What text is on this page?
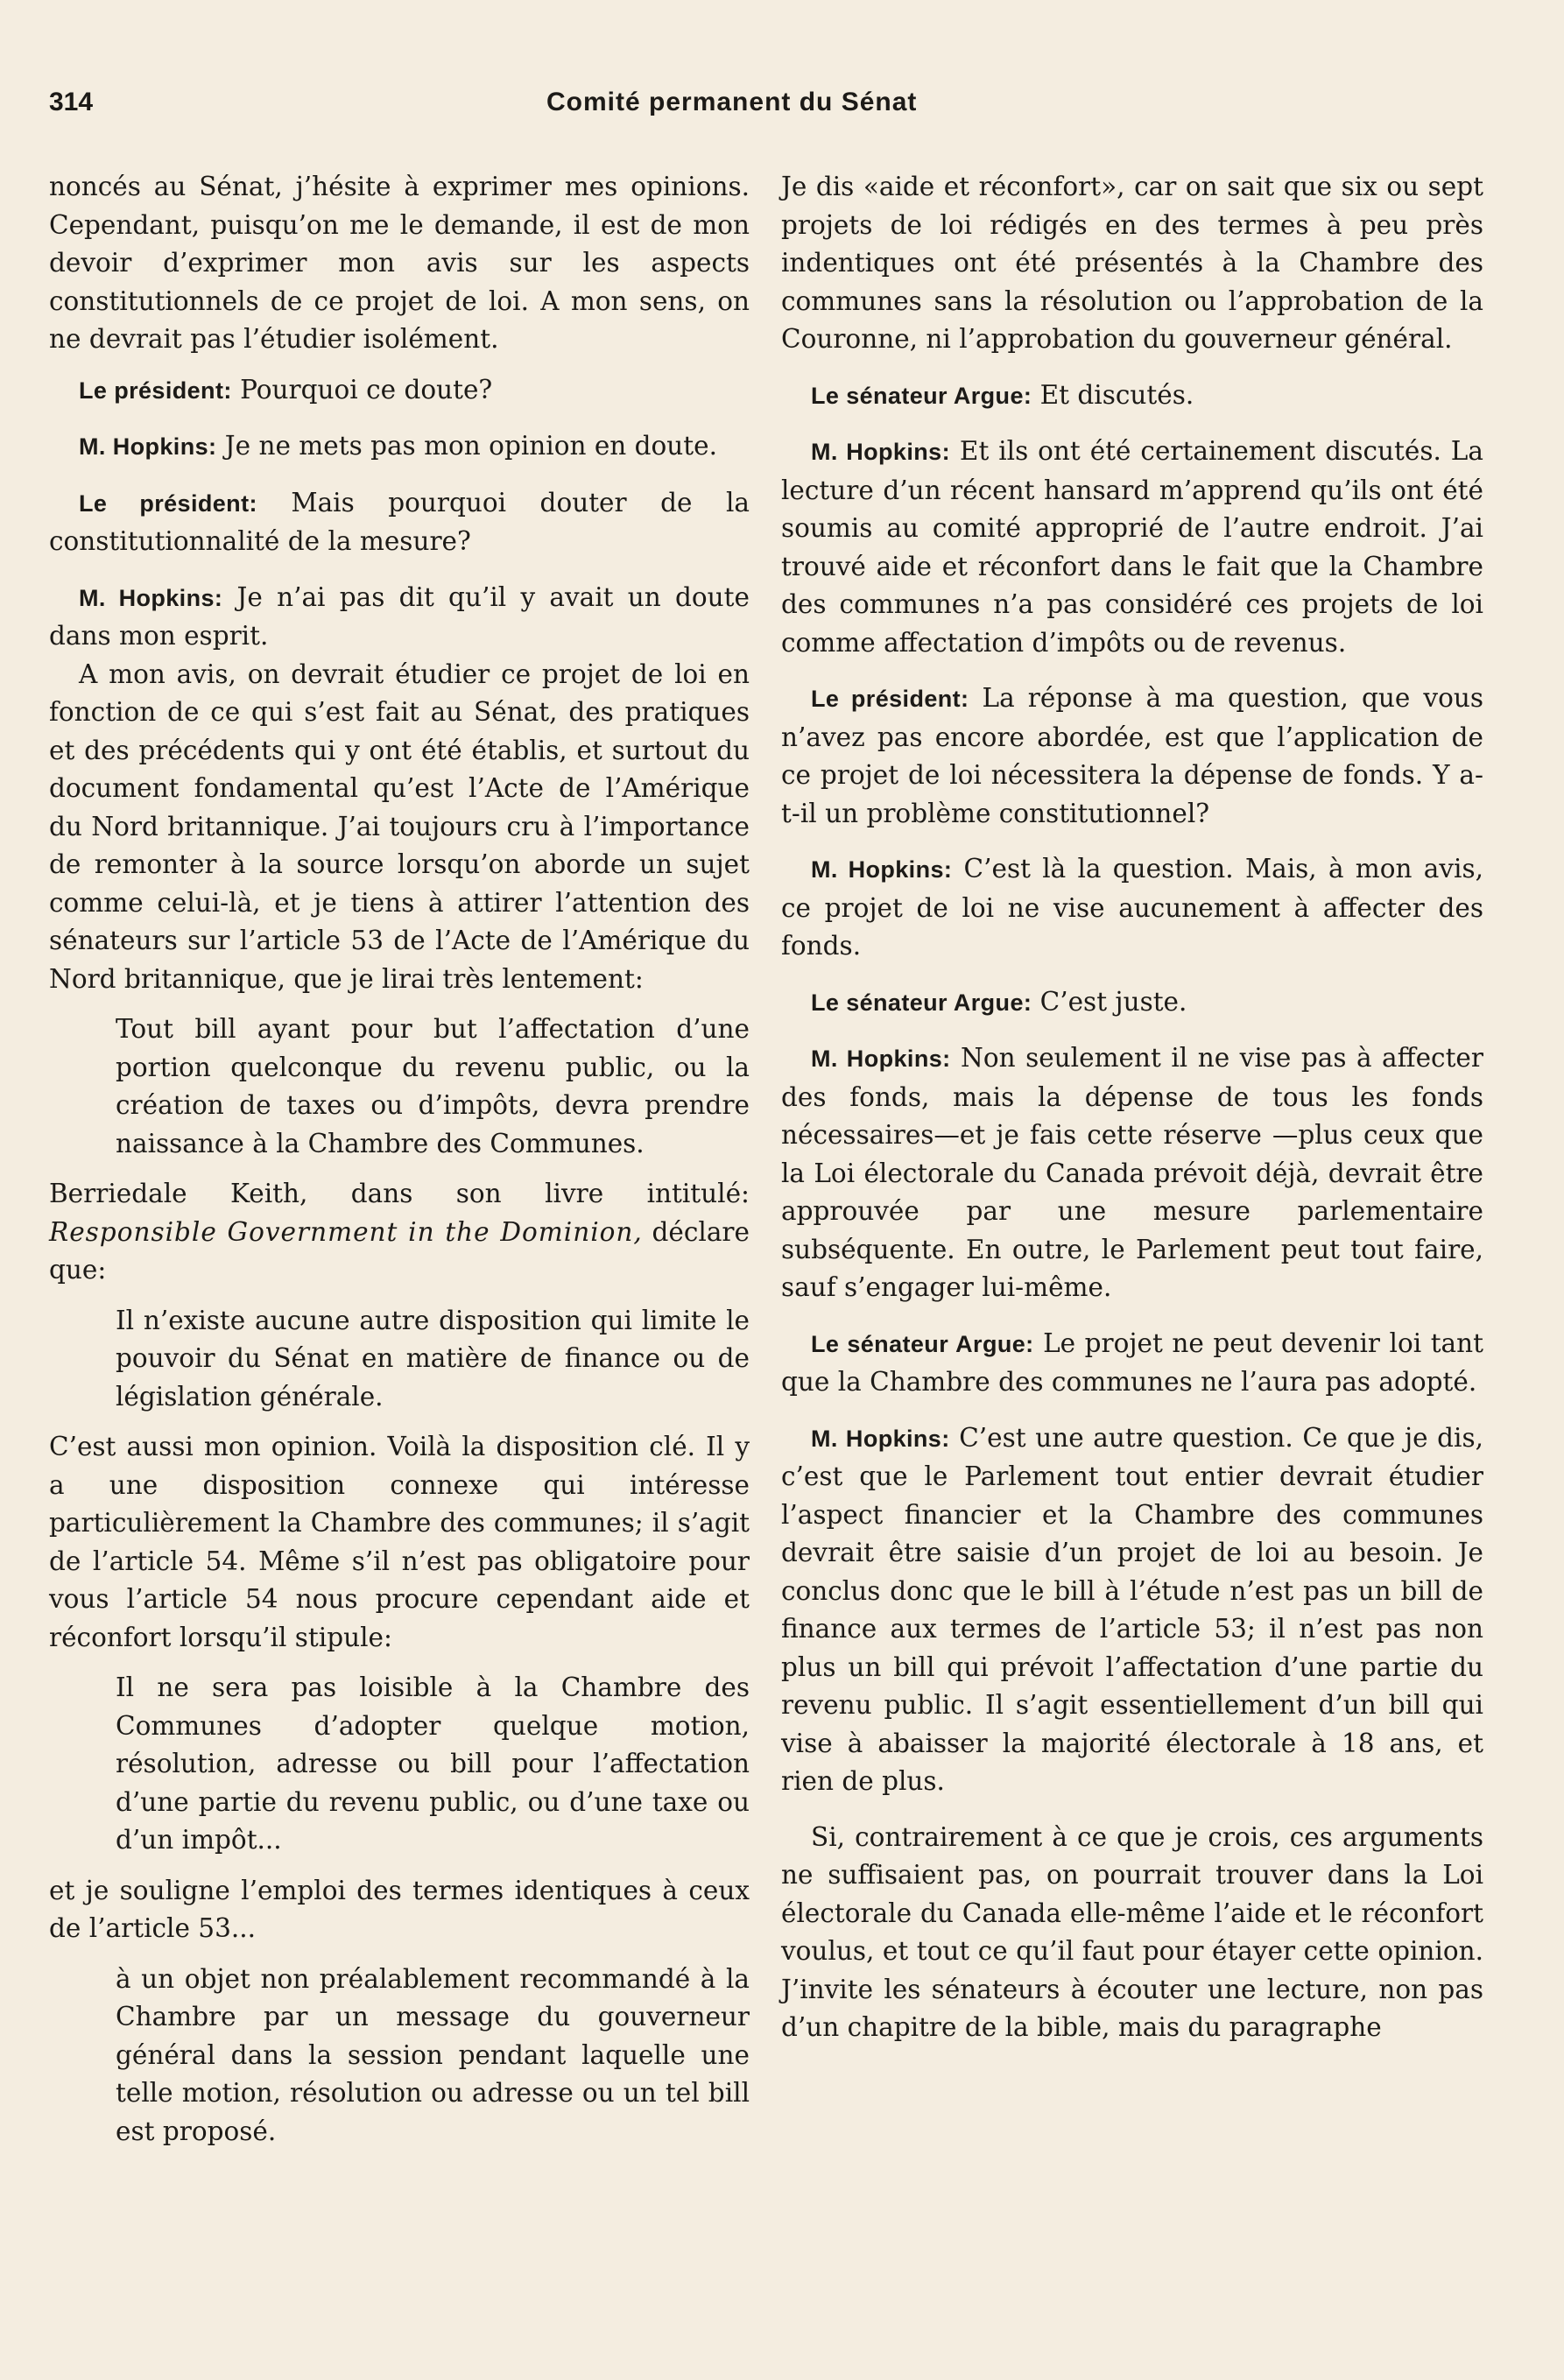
314	Comité permanent du Sénat

noncés au Sénat, j’hésite à exprimer mes opinions. Cependant, puisqu’on me le demande, il est de mon devoir d’exprimer mon avis sur les aspects constitutionnels de ce projet de loi. A mon sens, on ne devrait pas l’étudier isolément.

Le président: Pourquoi ce doute?

M. Hopkins: Je ne mets pas mon opinion en doute.

Le président: Mais pourquoi douter de la constitutionnalité de la mesure?

M. Hopkins: Je n’ai pas dit qu’il y avait un doute dans mon esprit.

A mon avis, on devrait étudier ce projet de loi en fonction de ce qui s’est fait au Sénat, des pratiques et des précédents qui y ont été établis, et surtout du document fondamental qu’est l’Acte de l’Amérique du Nord britannique. J’ai toujours cru à l’importance de remonter à la source lorsqu’on aborde un sujet comme celui-là, et je tiens à attirer l’attention des sénateurs sur l’article 53 de l’Acte de l’Amérique du Nord britannique, que je lirai très lentement:

Tout bill ayant pour but l’affectation d’une portion quelconque du revenu public, ou la création de taxes ou d’impôts, devra prendre naissance à la Chambre des Communes.

Berriedale Keith, dans son livre intitulé: Responsible Government in the Dominion, déclare que:

Il n’existe aucune autre disposition qui limite le pouvoir du Sénat en matière de finance ou de législation générale.

C’est aussi mon opinion. Voilà la disposition clé. Il y a une disposition connexe qui intéresse particulièrement la Chambre des communes; il s’agit de l’article 54. Même s’il n’est pas obligatoire pour vous l’article 54 nous procure cependant aide et réconfort lorsqu’il stipule:

Il ne sera pas loisible à la Chambre des Communes d’adopter quelque motion, résolution, adresse ou bill pour l’affectation d’une partie du revenu public, ou d’une taxe ou d’un impôt...

et je souligne l’emploi des termes identiques à ceux de l’article 53...

à un objet non préalablement recommandé à la Chambre par un message du gouverneur général dans la session pendant laquelle une telle motion, résolution ou adresse ou un tel bill est proposé.

Je dis «aide et réconfort», car on sait que six ou sept projets de loi rédigés en des termes à peu près indentiques ont été présentés à la Chambre des communes sans la résolution ou l’approbation de la Couronne, ni l’approbation du gouverneur général.

Le sénateur Argue: Et discutés.

M. Hopkins: Et ils ont été certainement discutés. La lecture d’un récent hansard m’apprend qu’ils ont été soumis au comité approprié de l’autre endroit. J’ai trouvé aide et réconfort dans le fait que la Chambre des communes n’a pas considéré ces projets de loi comme affectation d’impôts ou de revenus.

Le président: La réponse à ma question, que vous n’avez pas encore abordée, est que l’application de ce projet de loi nécessitera la dépense de fonds. Y a-t-il un problème constitutionnel?

M. Hopkins: C’est là la question. Mais, à mon avis, ce projet de loi ne vise aucunement à affecter des fonds.

Le sénateur Argue: C’est juste.

M. Hopkins: Non seulement il ne vise pas à affecter des fonds, mais la dépense de tous les fonds nécessaires—et je fais cette réserve —plus ceux que la Loi électorale du Canada prévoit déjà, devrait être approuvée par une mesure parlementaire subséquente. En outre, le Parlement peut tout faire, sauf s’engager lui-même.

Le sénateur Argue: Le projet ne peut devenir loi tant que la Chambre des communes ne l’aura pas adopté.

M. Hopkins: C’est une autre question. Ce que je dis, c’est que le Parlement tout entier devrait étudier l’aspect financier et la Chambre des communes devrait être saisie d’un projet de loi au besoin. Je conclus donc que le bill à l’étude n’est pas un bill de finance aux termes de l’article 53; il n’est pas non plus un bill qui prévoit l’affectation d’une partie du revenu public. Il s’agit essentiellement d’un bill qui vise à abaisser la majorité électorale à 18 ans, et rien de plus.

Si, contrairement à ce que je crois, ces arguments ne suffisaient pas, on pourrait trouver dans la Loi électorale du Canada elle-même l’aide et le réconfort voulus, et tout ce qu’il faut pour étayer cette opinion. J’invite les sénateurs à écouter une lecture, non pas d’un chapitre de la bible, mais du paragraphe
